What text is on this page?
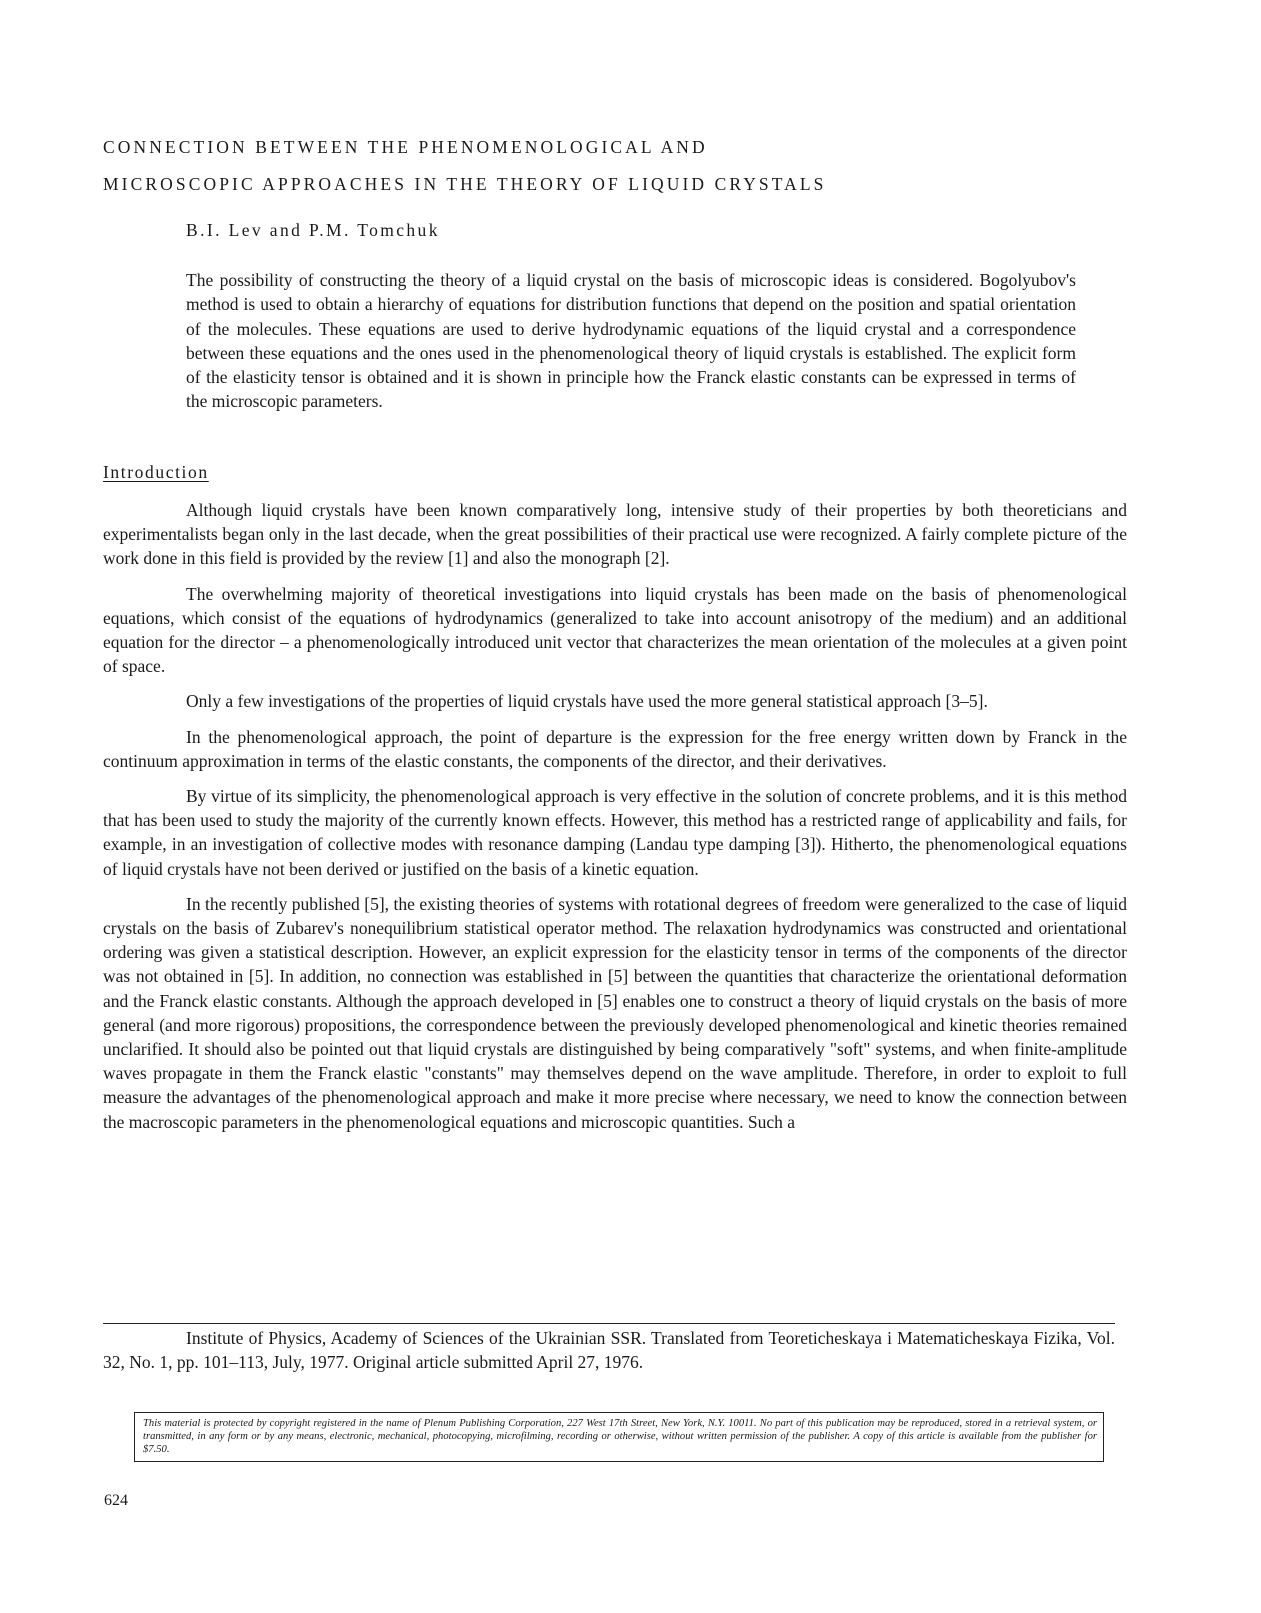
CONNECTION BETWEEN THE PHENOMENOLOGICAL AND
MICROSCOPIC APPROACHES IN THE THEORY OF LIQUID CRYSTALS
B.I. Lev and P.M. Tomchuk

The possibility of constructing the theory of a liquid crystal on the basis of microscopic ideas is considered. Bogolyubov's method is used to obtain a hierarchy of equations for distribution functions that depend on the position and spatial orientation of the molecules. These equations are used to derive hydrodynamic equations of the liquid crystal and a correspondence between these equations and the ones used in the phenomenological theory of liquid crystals is established. The explicit form of the elasticity tensor is obtained and it is shown in principle how the Franck elastic constants can be expressed in terms of the microscopic parameters.

Introduction

Although liquid crystals have been known comparatively long, intensive study of their properties by both theoreticians and experimentalists began only in the last decade, when the great possibilities of their practical use were recognized. A fairly complete picture of the work done in this field is provided by the review [1] and also the monograph [2].

The overwhelming majority of theoretical investigations into liquid crystals has been made on the basis of phenomenological equations, which consist of the equations of hydrodynamics (generalized to take into account anisotropy of the medium) and an additional equation for the director – a phenomenologically introduced unit vector that characterizes the mean orientation of the molecules at a given point of space.

Only a few investigations of the properties of liquid crystals have used the more general statistical approach [3–5].

In the phenomenological approach, the point of departure is the expression for the free energy written down by Franck in the continuum approximation in terms of the elastic constants, the components of the director, and their derivatives.

By virtue of its simplicity, the phenomenological approach is very effective in the solution of concrete problems, and it is this method that has been used to study the majority of the currently known effects. However, this method has a restricted range of applicability and fails, for example, in an investigation of collective modes with resonance damping (Landau type damping [3]). Hitherto, the phenomenological equations of liquid crystals have not been derived or justified on the basis of a kinetic equation.

In the recently published [5], the existing theories of systems with rotational degrees of freedom were generalized to the case of liquid crystals on the basis of Zubarev's nonequilibrium statistical operator method. The relaxation hydrodynamics was constructed and orientational ordering was given a statistical description. However, an explicit expression for the elasticity tensor in terms of the components of the director was not obtained in [5]. In addition, no connection was established in [5] between the quantities that characterize the orientational deformation and the Franck elastic constants. Although the approach developed in [5] enables one to construct a theory of liquid crystals on the basis of more general (and more rigorous) propositions, the correspondence between the previously developed phenomenological and kinetic theories remained unclarified. It should also be pointed out that liquid crystals are distinguished by being comparatively "soft" systems, and when finite-amplitude waves propagate in them the Franck elastic "constants" may themselves depend on the wave amplitude. Therefore, in order to exploit to full measure the advantages of the phenomenological approach and make it more precise where necessary, we need to know the connection between the macroscopic parameters in the phenomenological equations and microscopic quantities. Such a

Institute of Physics, Academy of Sciences of the Ukrainian SSR. Translated from Teoreticheskaya i Matematicheskaya Fizika, Vol. 32, No. 1, pp. 101–113, July, 1977. Original article submitted April 27, 1976.

This material is protected by copyright registered in the name of Plenum Publishing Corporation, 227 West 17th Street, New York, N.Y. 10011. No part of this publication may be reproduced, stored in a retrieval system, or transmitted, in any form or by any means, electronic, mechanical, photocopying, microfilming, recording or otherwise, without written permission of the publisher. A copy of this article is available from the publisher for $7.50.
624
